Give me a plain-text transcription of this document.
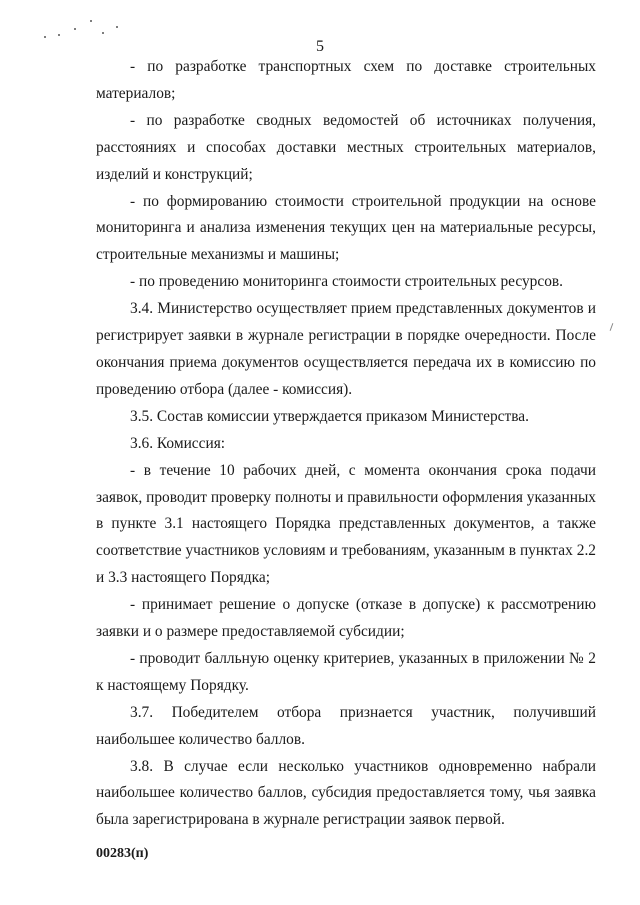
5

- по разработке транспортных схем по доставке строительных материалов;

- по разработке сводных ведомостей об источниках получения, расстояниях и способах доставки местных строительных материалов, изделий и конструкций;

- по формированию стоимости строительной продукции на основе мониторинга и анализа изменения текущих цен на материальные ресурсы, строительные механизмы и машины;

- по проведению мониторинга стоимости строительных ресурсов.

3.4. Министерство осуществляет прием представленных документов и регистрирует заявки в журнале регистрации в порядке очередности. После окончания приема документов осуществляется передача их в комиссию по проведению отбора (далее - комиссия).

3.5. Состав комиссии утверждается приказом Министерства.

3.6. Комиссия:

- в течение 10 рабочих дней, с момента окончания срока подачи заявок, проводит проверку полноты и правильности оформления указанных в пункте 3.1 настоящего Порядка представленных документов, а также соответствие участников условиям и требованиям, указанным в пунктах 2.2 и 3.3 настоящего Порядка;

- принимает решение о допуске (отказе в допуске) к рассмотрению заявки и о размере предоставляемой субсидии;

- проводит балльную оценку критериев, указанных в приложении № 2 к настоящему Порядку.

3.7. Победителем отбора признается участник, получивший наибольшее количество баллов.

3.8. В случае если несколько участников одновременно набрали наибольшее количество баллов, субсидия предоставляется тому, чья заявка была зарегистрирована в журнале регистрации заявок первой.

00283(п)
